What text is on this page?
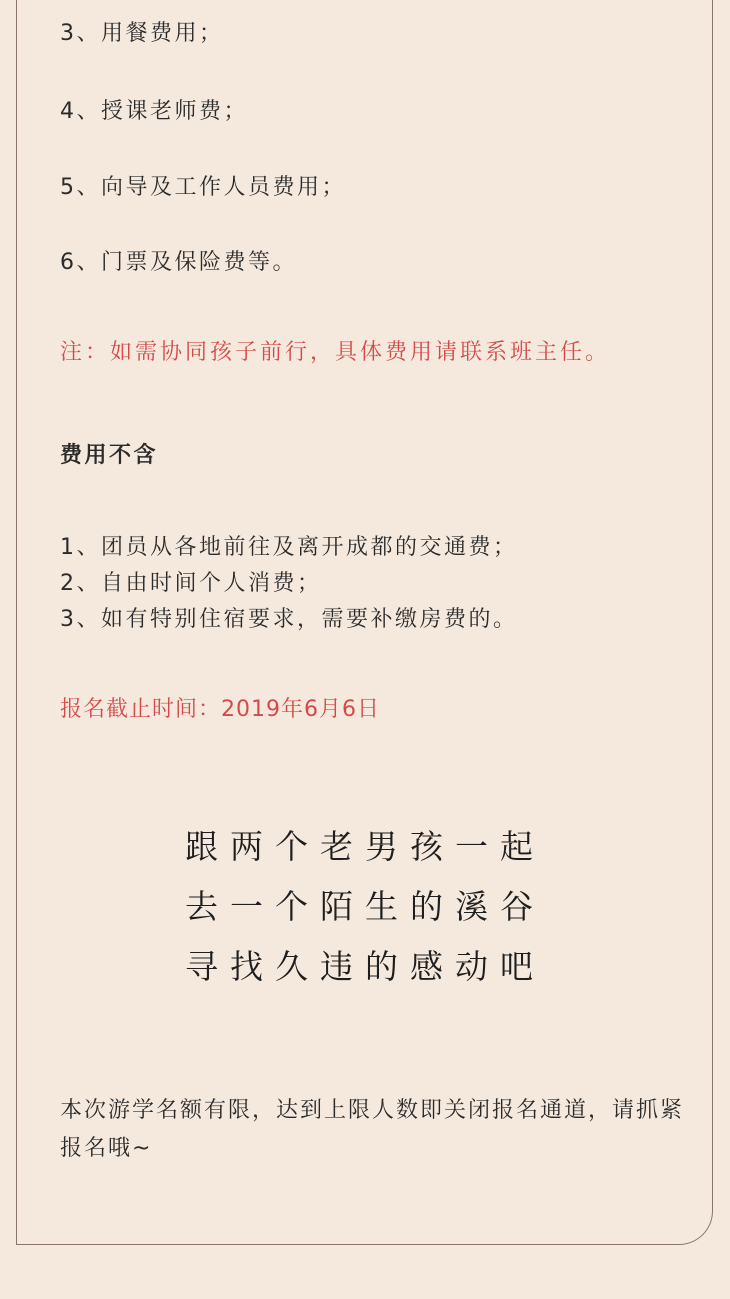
3、用餐费用；
4、授课老师费；
5、向导及工作人员费用；
6、门票及保险费等。
注：如需协同孩子前行，具体费用请联系班主任。
费用不含
1、团员从各地前往及离开成都的交通费；
2、自由时间个人消费；
3、如有特别住宿要求，需要补缴房费的。
报名截止时间：2019年6月6日
跟两个老男孩一起
去一个陌生的溪谷
寻找久违的感动吧
本次游学名额有限，达到上限人数即关闭报名通道，请抓紧报名哦~
